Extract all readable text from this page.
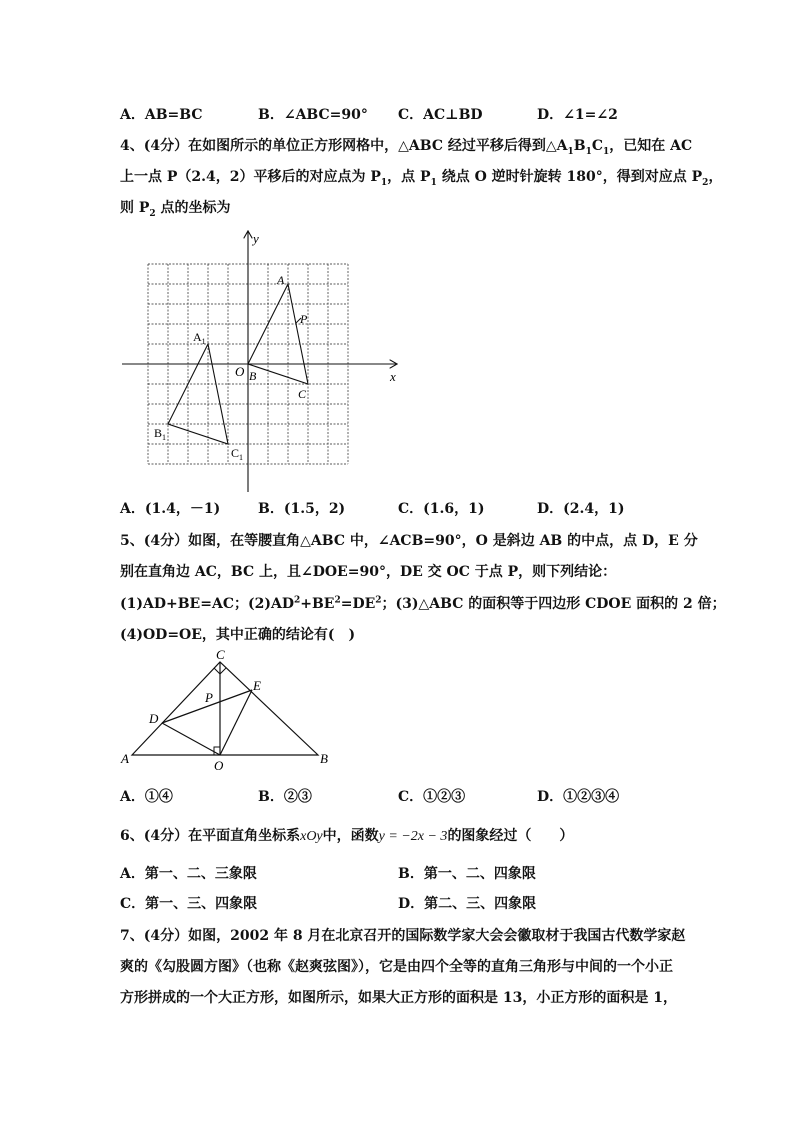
A．AB=BC	B．∠ABC=90° C．AC⊥BD	D．∠1=∠2
4、(4分）在如图所示的单位正方形网格中，△ABC 经过平移后得到$\triangle A_1B_1C_1$，已知在 AC
上一点 P（2.4，2）平移后的对应点为 $P_1$，点 $P_1$ 绕点 O 逆时针旋转 180°，得到对应点 $P_2$，
则 $P_2$ 点的坐标为
x
y
O
A
B
C
P
$A_1$
$B_1$
$C_1$
A．(1.4，－1)	B．(1.5，2)	C．(1.6，1)	D．(2.4，1)
5、(4分）如图，在等腰直角△ABC 中，∠ACB=90°，O 是斜边 AB 的中点，点 D，E 分
别在直角边 AC，BC 上，且∠DOE=90°，DE 交 OC 于点 P，则下列结论：
(1)AD+BE=AC；$(2)AD^2+BE^2=DE^2$；(3)△ABC 的面积等于四边形 CDOE 面积的 2 倍；
(4)OD=OE，其中正确的结论有(　)
C
E
P
D
A	B
O
A．①④	B．②③	C．①②③	D．①②③④
6、(4分）在平面直角坐标系xOy中，函数y = −2x − 3的图象经过（　　）
A．第一、二、三象限	B．第一、二、四象限
C．第一、三、四象限	D．第二、三、四象限
7、(4分）如图，2002 年 8 月在北京召开的国际数学家大会会徽取材于我国古代数学家赵
爽的《勾股圆方图》（也称《赵爽弦图》），它是由四个全等的直角三角形与中间的一个小正
方形拼成的一个大正方形，如图所示，如果大正方形的面积是 13，小正方形的面积是 1，
